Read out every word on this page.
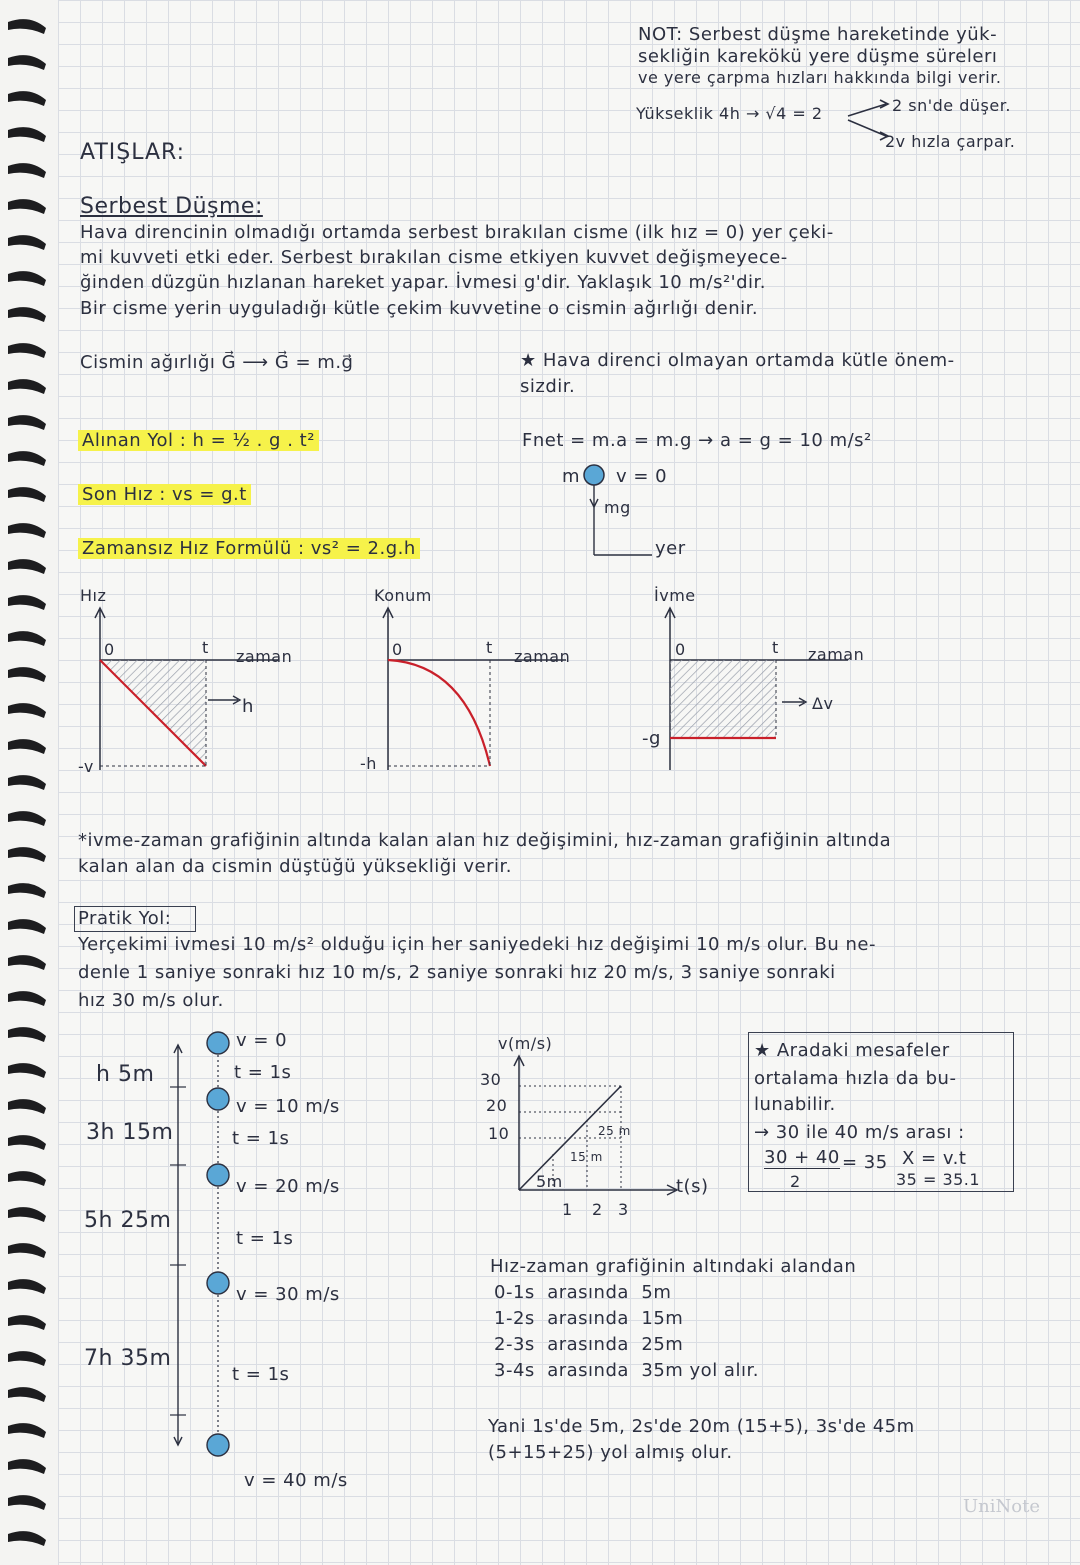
NOT: Serbest düşme hareketinde yük-
sekliğin karekökü yere düşme sürelerı
ve yere çarpma hızları hakkında bilgi verir.
Yükseklik 4h → √4 = 2	2 sn'de düşer.
2v hızla çarpar.
ATIŞLAR:
Serbest Düşme:
Hava direncinin olmadığı ortamda serbest bırakılan cisme (ilk hız = 0) yer çeki-
mi kuvveti etki eder. Serbest bırakılan cisme etkiyen kuvvet değişmeyece-
ğinden düzgün hızlanan hareket yapar. İvmesi g'dir. Yaklaşık 10 m/s²'dir.
Bir cisme yerin uyguladığı kütle çekim kuvvetine o cismin ağırlığı denir.
Cismin ağırlığı G⃗ ⟶ G⃗ = m.g⃗	★ Hava direnci olmayan ortamda kütle önem-
sizdir.
Alınan Yol : h = ½ . g . t²
Son Hız : vs = g.t
Zamansız Hız Formülü : vs² = 2.g.h
Fnet = m.a = m.g → a = g = 10 m/s²
m v = 0
mg
yer
Hız
0	t zaman
h
-v
Konum
0	t zaman
-h
İvme
0	t zaman
Δv
-g
*ivme-zaman grafiğinin altında kalan alan hız değişimini, hız-zaman grafiğinin altında
kalan alan da cismin düştüğü yüksekliği verir.
Pratik Yol:
Yerçekimi ivmesi 10 m/s² olduğu için her saniyedeki hız değişimi 10 m/s olur. Bu ne-
denle 1 saniye sonraki hız 10 m/s, 2 saniye sonraki hız 20 m/s, 3 saniye sonraki
hız 30 m/s olur.
h 5m
3h 15m
5h 25m
7h 35m
v = 0
t = 1s
v = 10 m/s
t = 1s
v = 20 m/s
t = 1s
v = 30 m/s
t = 1s
v = 40 m/s
v(m/s)
30
20
10
5m
15 m
25 m
1 2 3
t(s)
★ Aradaki mesafeler
ortalama hızla da bu-
lunabilir.
→ 30 ile 40 m/s arası :
30 + 40
2
= 35 X = v.t
35 = 35.1
Hız-zaman grafiğinin altındaki alandan
0-1s  arasında  5m
1-2s  arasında  15m
2-3s  arasında  25m
3-4s  arasında  35m yol alır.
Yani 1s'de 5m, 2s'de 20m (15+5), 3s'de 45m
(5+15+25) yol almış olur.
UniNote
